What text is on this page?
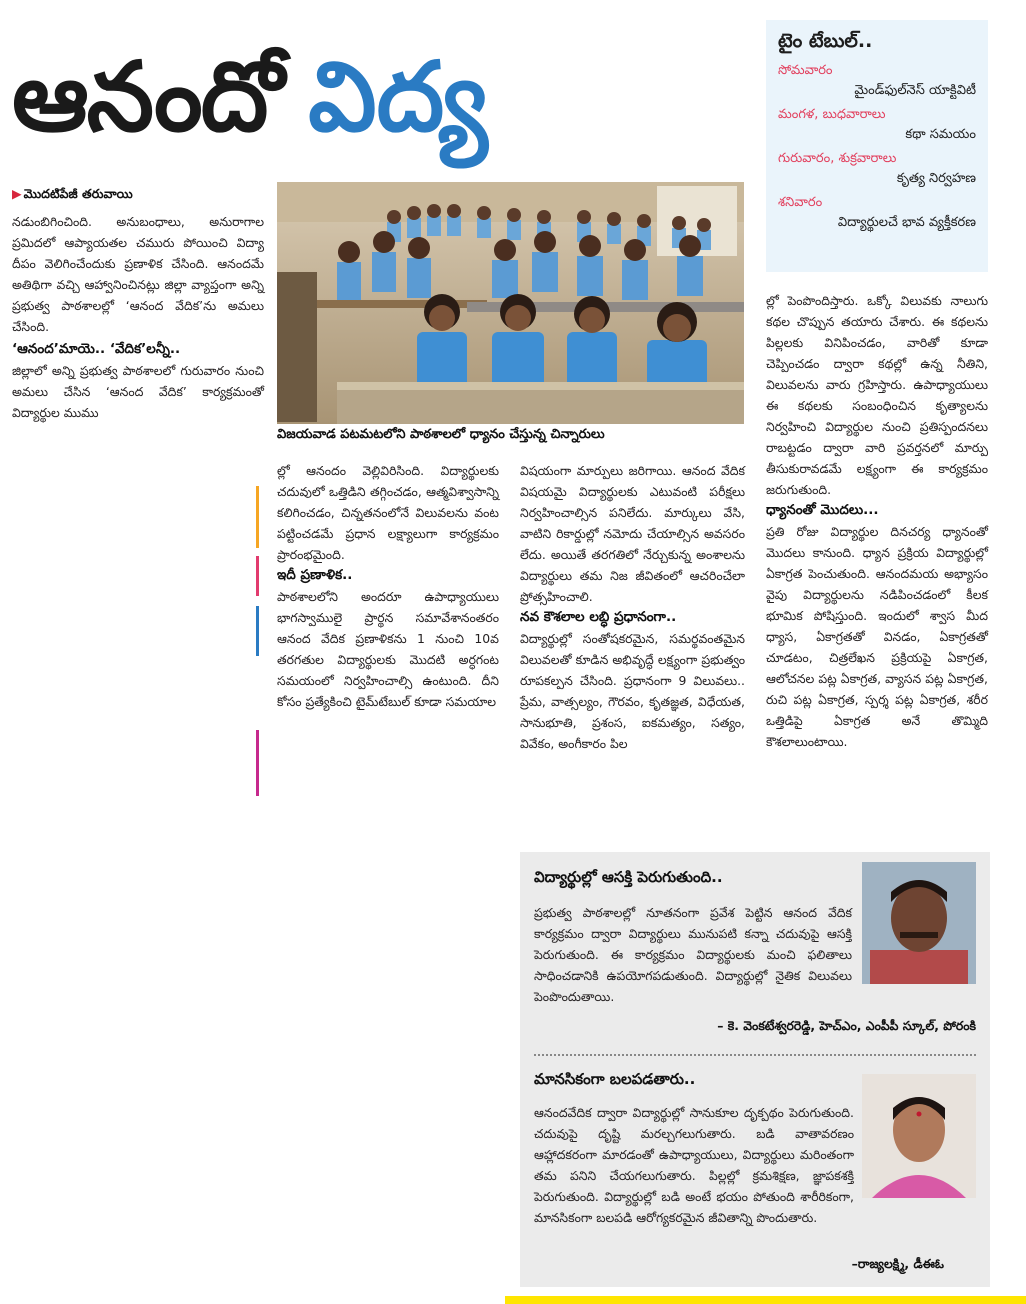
ఆనందో విద్య	టైం టేబుల్..
సోమవారం
మైండ్‌ఫుల్‌నెస్ యాక్టివిటీ
మంగళ, బుధవారాలు
కథా సమయం
గురువారం, శుక్రవారాలు
కృత్య నిర్వహణ
శనివారం
విద్యార్థులచే భావ వ్యక్తీకరణ
▶ మొదటిపేజీ తరువాయి
నడుంబిగించింది. అనుబంధాలు, అనురాగాల ప్రమిదలో ఆప్యాయతల చమురు పోయించి విద్యా దీపం వెలిగించేందుకు ప్రణాళిక చేసింది. ఆనందమే అతిథిగా వచ్చి ఆహ్వానించినట్లు జిల్లా వ్యాప్తంగా అన్ని ప్రభుత్వ పాఠశాలల్లో ‘ఆనంద వేదిక’ను అమలు చేసింది.
‘ఆనంద’మాయె.. ‘వేదిక’లన్నీ..
జిల్లాలో అన్ని ప్రభుత్వ పాఠశాలలో గురువారం నుంచి అమలు చేసిన ‘ఆనంద వేదిక’ కార్యక్రమంతో విద్యార్థుల ముము
విజయవాడ పటమటలోని పాఠశాలలో ధ్యానం చేస్తున్న చిన్నారులు
ల్లో ఆనందం వెల్లివిరిసింది. విద్యార్థులకు చదువులో ఒత్తిడిని తగ్గించడం, ఆత్మవిశ్వాసాన్ని కలిగించడం, చిన్నతనంలోనే విలువలను వంట పట్టించడమే ప్రధాన లక్ష్యాలుగా కార్యక్రమం ప్రారంభమైంది.
ఇదీ ప్రణాళిక..
పాఠశాలలోని అందరూ ఉపాధ్యాయులు భాగస్వాములై ప్రార్థన సమావేశానంతరం ఆనంద వేదిక ప్రణాళికను 1 నుంచి 10వ తరగతుల విద్యార్థులకు మొదటి అర్ధగంట సమయంలో నిర్వహించాల్సి ఉంటుంది. దీని కోసం ప్రత్యేకించి టైమ్‌టేబుల్ కూడా సమయాల
విషయంగా మార్పులు జరిగాయి. ఆనంద వేదిక విషయమై విద్యార్థులకు ఎటువంటి పరీక్షలు నిర్వహించాల్సిన పనిలేదు. మార్కులు వేసి, వాటిని రికార్డుల్లో నమోదు చేయాల్సిన అవసరం లేదు. అయితే తరగతిలో నేర్చుకున్న అంశాలను విద్యార్థులు తమ నిజ జీవితంలో ఆచరించేలా ప్రోత్సహించాలి.
నవ కౌశలాల లబ్ధి ప్రధానంగా..
విద్యార్థుల్లో సంతోషకరమైన, సమర్థవంతమైన విలువలతో కూడిన అభివృద్ధే లక్ష్యంగా ప్రభుత్వం రూపకల్పన చేసింది. ప్రధానంగా 9 విలువలు.. ప్రేమ, వాత్సల్యం, గౌరవం, కృతజ్ఞత, విధేయత, సానుభూతి, ప్రశంస, ఐకమత్యం, సత్యం, వివేకం, అంగీకారం పిల
ల్లో పెంపొందిస్తారు. ఒక్కో విలువకు నాలుగు కథల చొప్పున తయారు చేశారు. ఈ కథలను పిల్లలకు వినిపించడం, వారితో కూడా చెప్పించడం ద్వారా కథల్లో ఉన్న నీతిని, విలువలను వారు గ్రహిస్తారు. ఉపాధ్యాయులు ఈ కథలకు సంబంధించిన కృత్యాలను నిర్వహించి విద్యార్థుల నుంచి ప్రతిస్పందనలు రాబట్టడం ద్వారా వారి ప్రవర్తనలో మార్పు తీసుకురావడమే లక్ష్యంగా ఈ కార్యక్రమం జరుగుతుంది.
ధ్యానంతో మొదలు...
ప్రతి రోజు విద్యార్థుల దినచర్య ధ్యానంతో మొదలు కానుంది. ధ్యాన ప్రక్రియ విద్యార్థుల్లో ఏకాగ్రత పెంచుతుంది. ఆనందమయ అభ్యాసం వైపు విద్యార్థులను నడిపించడంలో కీలక భూమిక పోషిస్తుంది. ఇందులో శ్వాస మీద ధ్యాస, ఏకాగ్రతతో వినడం, ఏకాగ్రతతో చూడటం, చిత్రలేఖన ప్రక్రియపై ఏకాగ్రత, ఆలోచనల పట్ల ఏకాగ్రత, వ్యాసన పట్ల ఏకాగ్రత, రుచి పట్ల ఏకాగ్రత, స్పర్శ పట్ల ఏకాగ్రత, శరీర ఒత్తిడిపై ఏకాగ్రత అనే తొమ్మిది కౌశలాలుంటాయి.
విద్యార్థుల్లో ఆసక్తి పెరుగుతుంది..
ప్రభుత్వ పాఠశాలల్లో నూతనంగా ప్రవేశ పెట్టిన ఆనంద వేదిక కార్యక్రమం ద్వారా విద్యార్థులు మునుపటి కన్నా చదువుపై ఆసక్తి పెరుగుతుంది. ఈ కార్యక్రమం విద్యార్థులకు మంచి ఫలితాలు సాధించడానికి ఉపయోగపడుతుంది. విద్యార్థుల్లో నైతిక విలువలు పెంపొందుతాయి.
– కె. వెంకటేశ్వరరెడ్డి, హెచ్‌ఎం, ఎంపీపీ స్కూల్, పోరంకి
మానసికంగా బలపడతారు..
ఆనందవేదిక ద్వారా విద్యార్థుల్లో సానుకూల దృక్పథం పెరుగుతుంది. చదువుపై దృష్టి మరల్చగలుగుతారు. బడి వాతావరణం ఆహ్లాదకరంగా మారడంతో ఉపాధ్యాయులు, విద్యార్థులు మరింతంగా తమ పనిని చేయగలుగుతారు. పిల్లల్లో క్రమశిక్షణ, జ్ఞాపకశక్తి పెరుగుతుంది. విద్యార్థుల్లో బడి అంటే భయం పోతుంది శారీరికంగా, మానసికంగా బలపడి ఆరోగ్యకరమైన జీవితాన్ని పొందుతారు.
–రాజ్యలక్ష్మి, డీఈఓ
